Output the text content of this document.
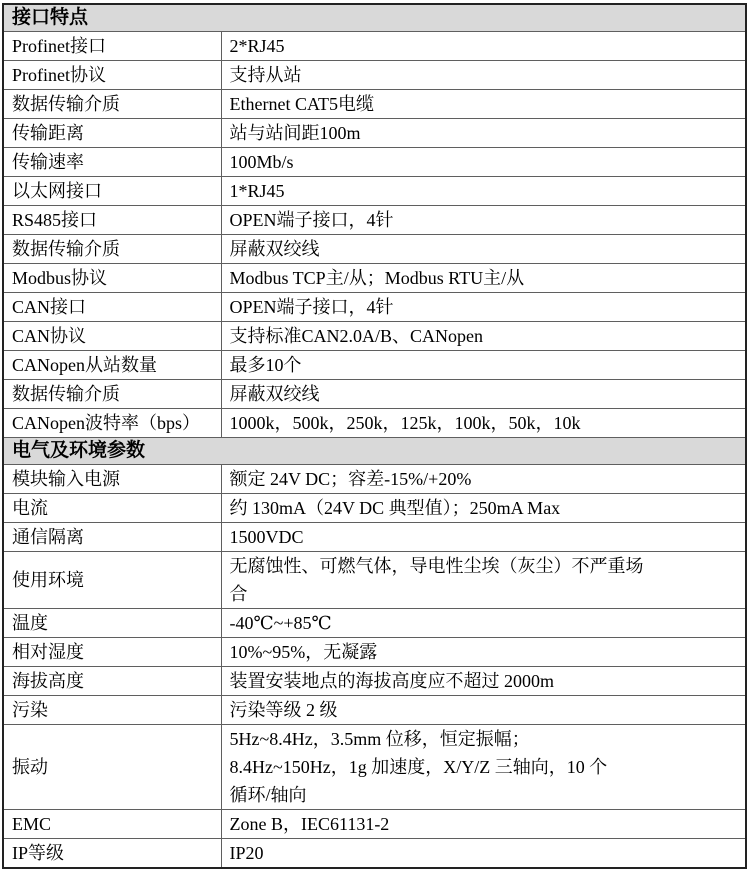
接口特点	
Profinet接口	2*RJ45
Profinet协议	支持从站
数据传输介质	Ethernet CAT5电缆
传输距离	站与站间距100m
传输速率	100Mb/s
以太网接口	1*RJ45
RS485接口	OPEN端子接口，4针
数据传输介质	屏蔽双绞线
Modbus协议	Modbus TCP主/从；Modbus RTU主/从
CAN接口	OPEN端子接口，4针
CAN协议	支持标准CAN2.0A/B、CANopen
CANopen从站数量	最多10个
数据传输介质	屏蔽双绞线
CANopen波特率（bps）	1000k，500k，250k，125k，100k，50k，10k
电气及环境参数	
模块输入电源	额定 24V DC；容差-15%/+20%
电流	约 130mA（24V DC 典型值）；250mA Max
通信隔离	1500VDC
使用环境	无腐蚀性、可燃气体，导电性尘埃（灰尘）不严重场
合

温度	-40℃~+85℃
相对湿度	10%~95%，无凝露
海拔高度	装置安装地点的海拔高度应不超过 2000m
污染	污染等级 2 级
振动	5Hz~8.4Hz，3.5mm 位移，恒定振幅；
8.4Hz~150Hz，1g 加速度，X/Y/Z 三轴向，10 个
循环/轴向

EMC	Zone B，IEC61131-2
IP等级	IP20
